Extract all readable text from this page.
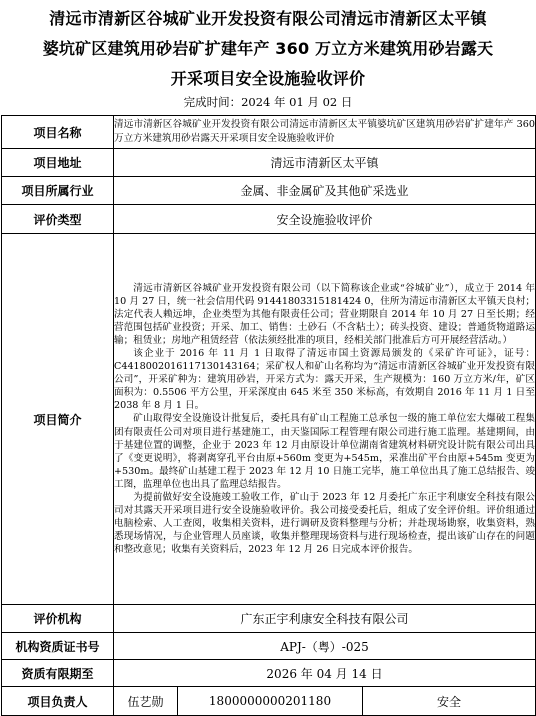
清远市清新区谷城矿业开发投资有限公司清远市清新区太平镇
婆坑矿区建筑用砂岩矿扩建年产 360 万立方米建筑用砂岩露天
开采项目安全设施验收评价
完成时间：2024 年 01 月 02 日
项目名称	清远市清新区谷城矿业开发投资有限公司清远市清新区太平镇婆坑矿区建筑用砂岩矿扩建年产 360 万立方米建筑用砂岩露天开采项目安全设施验收评价		
项目地址	清远市清新区太平镇		
项目所属行业	金属、非金属矿及其他矿采选业		
评价类型	安全设施验收评价		
项目简介	清远市清新区谷城矿业开发投资有限公司（以下简称该企业或“谷城矿业”），成立于 2014 年 10 月 27 日，统一社会信用代码 91441803315181424 0，住所为清远市清新区太平镇天良村；法定代表人赖远坤，企业类型为其他有限责任公司；营业期限自 2014 年 10 月 27 日至长期；经营范围包括矿业投资；开采、加工、销售：土砂石（不含粘土）；砖头投资、建设；普通货物道路运输；租赁业；房地产租赁经营（依法须经批准的项目，经相关部门批准后方可开展经营活动。）

该企业于 2016 年 11 月 1 日取得了清远市国土资源局颁发的《采矿许可证》，证号：C4418002016117130143164；采矿权人和矿山名称均为“清远市清新区谷城矿业开发投资有限公司”，开采矿种为：建筑用砂岩，开采方式为：露天开采，生产规模为：160 万立方米/年，矿区面积为：0.5506 平方公里，开采深度由 645 米至 350 米标高，有效期自 2016 年 11 月 1 日至 2038 年 8 月 1 日。

矿山取得安全设施设计批复后，委托具有矿山工程施工总承包一级的施工单位宏大爆破工程集团有限责任公司对项目进行基建施工，由天鉴国际工程管理有限公司进行施工监理。基建期间，由于基建位置的调整，企业于 2023 年 12 月由原设计单位湖南省建筑材料研究设计院有限公司出具了《变更说明》，将剥离穿孔平台由原+560m 变更为+545m，采准出矿平台由原+545m 变更为+530m。最终矿山基建工程于 2023 年 12 月 10 日施工完毕，施工单位出具了施工总结报告、竣工图，监理单位也出具了监理总结报告。

为提前做好安全设施竣工验收工作，矿山于 2023 年 12 月委托广东正宇利康安全科技有限公司对其露天开采项目进行安全设施验收评价。我公司接受委托后，组成了安全评价组。评价组通过电脑检索、人工查阅，收集相关资料，进行调研及资料整理与分析；并赴现场勘察，收集资料，熟悉现场情况，与企业管理人员座谈，收集并整理现场资料与进行现场检查，提出该矿山存在的问题和整改意见；收集有关资料后，2023 年 12 月 26 日完成本评价报告。		

评价机构	广东正宇利康安全科技有限公司		
机构资质证书号	APJ-（粤）-025		
资质有限期至	2026 年 04 月 14 日		
项目负责人	伍艺勋	1800000000201180	安全
